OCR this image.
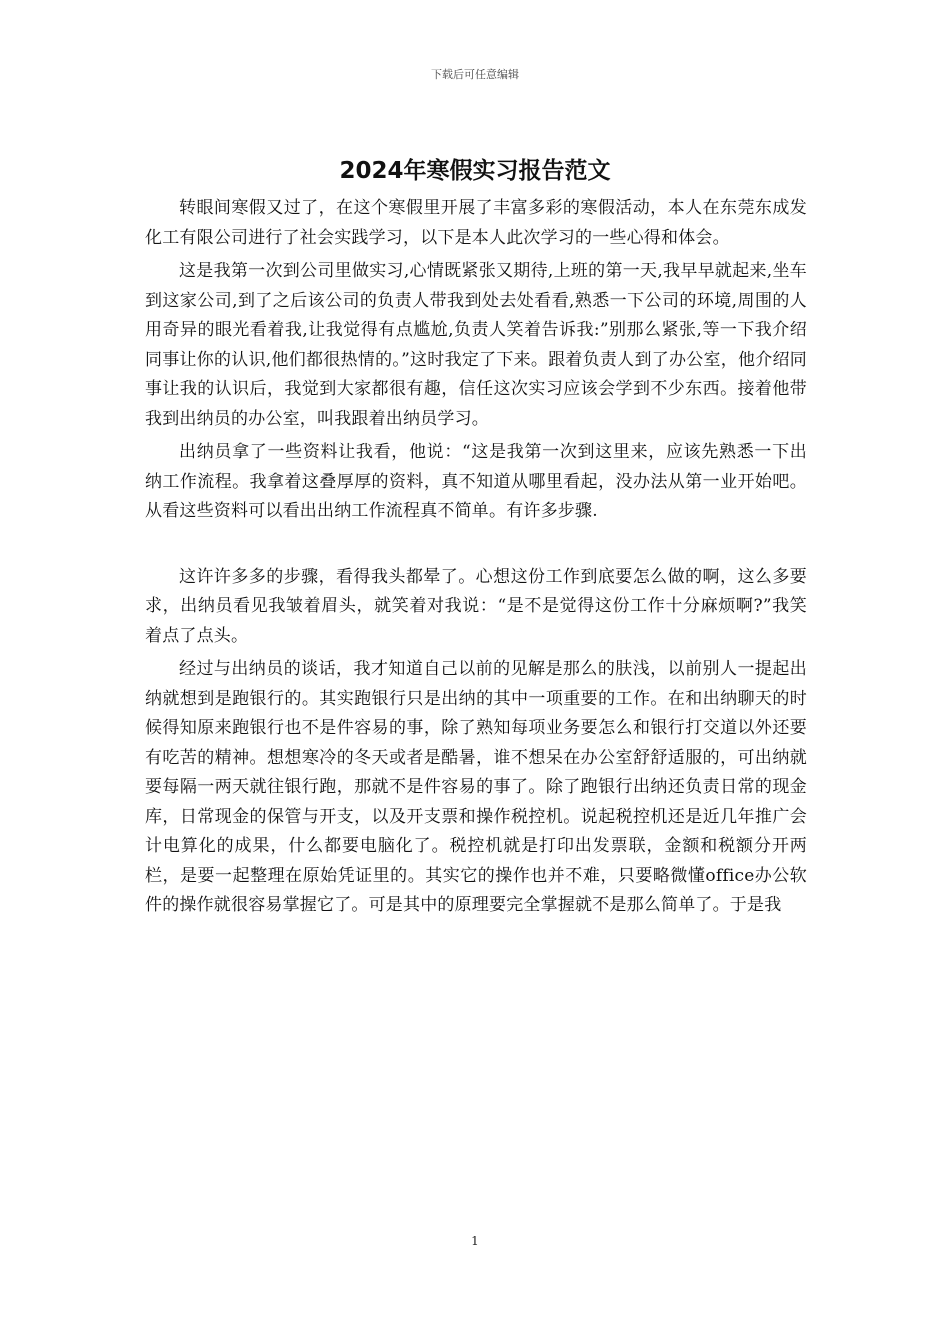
下载后可任意编辑
2024年寒假实习报告范文

转眼间寒假又过了，在这个寒假里开展了丰富多彩的寒假活动，本人在东莞东成发化工有限公司进行了社会实践学习，以下是本人此次学习的一些心得和体会。

这是我第一次到公司里做实习,心情既紧张又期待,上班的第一天,我早早就起来,坐车到这家公司,到了之后该公司的负责人带我到处去处看看,熟悉一下公司的环境,周围的人用奇异的眼光看着我,让我觉得有点尴尬,负责人笑着告诉我:”别那么紧张,等一下我介绍同事让你的认识,他们都很热情的。”这时我定了下来。跟着负责人到了办公室，他介绍同事让我的认识后，我觉到大家都很有趣，信任这次实习应该会学到不少东西。接着他带我到出纳员的办公室，叫我跟着出纳员学习。

出纳员拿了一些资料让我看，他说：“这是我第一次到这里来，应该先熟悉一下出纳工作流程。我拿着这叠厚厚的资料，真不知道从哪里看起，没办法从第一业开始吧。从看这些资料可以看出出纳工作流程真不简单。有许多步骤.

这许许多多的步骤，看得我头都晕了。心想这份工作到底要怎么做的啊，这么多要求，出纳员看见我皱着眉头，就笑着对我说：“是不是觉得这份工作十分麻烦啊?”我笑着点了点头。

经过与出纳员的谈话，我才知道自己以前的见解是那么的肤浅，以前别人一提起出纳就想到是跑银行的。其实跑银行只是出纳的其中一项重要的工作。在和出纳聊天的时候得知原来跑银行也不是件容易的事，除了熟知每项业务要怎么和银行打交道以外还要有吃苦的精神。想想寒冷的冬天或者是酷暑，谁不想呆在办公室舒舒适服的，可出纳就要每隔一两天就往银行跑，那就不是件容易的事了。除了跑银行出纳还负责日常的现金库，日常现金的保管与开支，以及开支票和操作税控机。说起税控机还是近几年推广会计电算化的成果，什么都要电脑化了。税控机就是打印出发票联，金额和税额分开两栏，是要一起整理在原始凭证里的。其实它的操作也并不难，只要略微懂office办公软件的操作就很容易掌握它了。可是其中的原理要完全掌握就不是那么简单了。于是我

1
